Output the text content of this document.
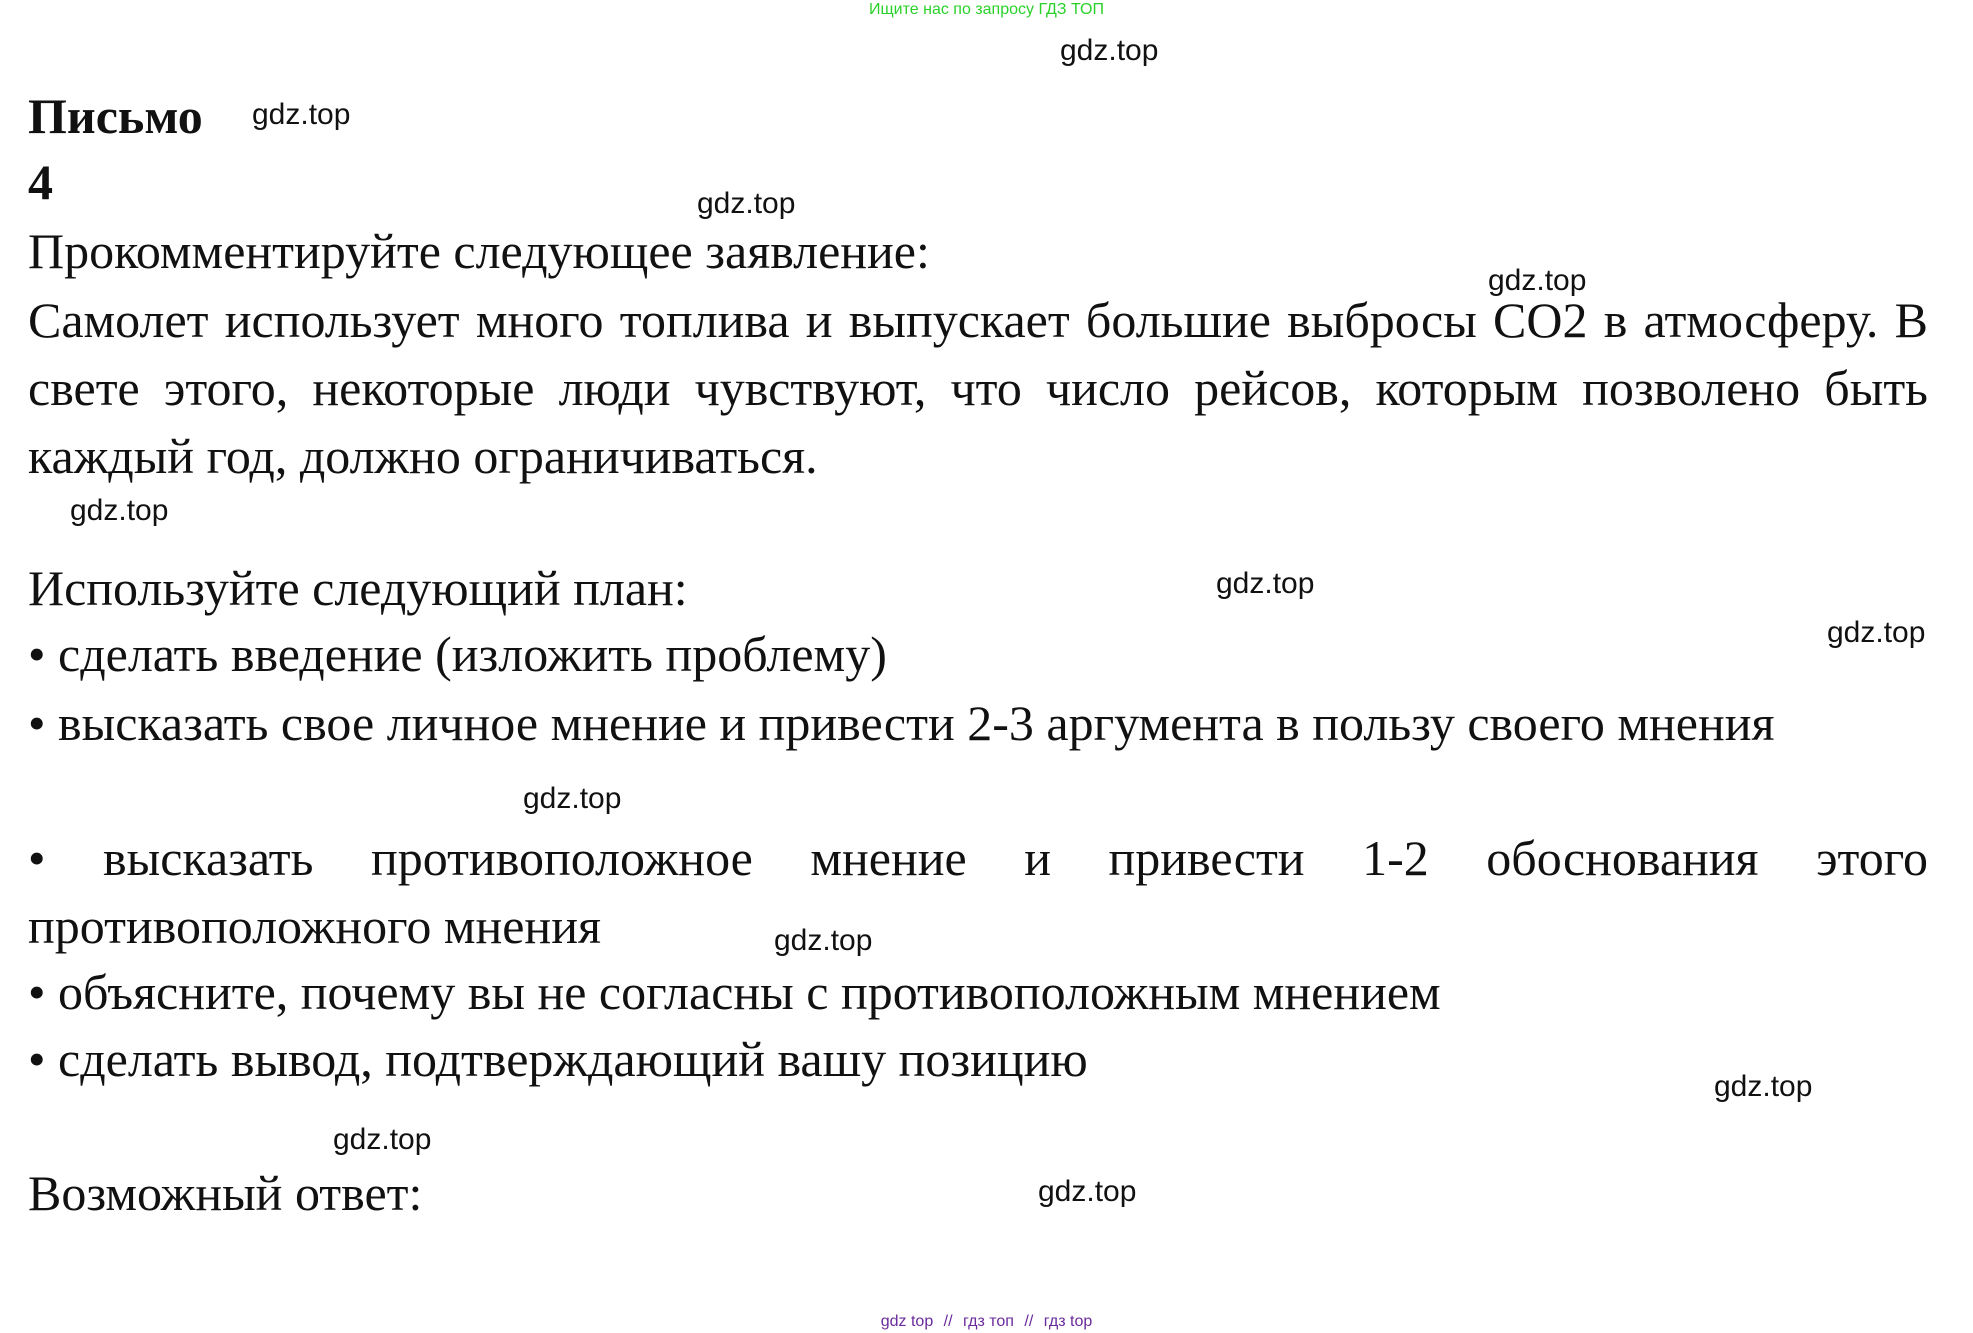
Ищите нас по запросу ГДЗ ТОП
Письмо
4
Прокомментируйте следующее заявление:
Самолет использует много топлива и выпускает большие выбросы CO2 в атмосферу. В свете этого, некоторые люди чувствуют, что число рейсов, которым позволено быть каждый год, должно ограничиваться.
Используйте следующий план:
• сделать введение (изложить проблему)
• высказать свое личное мнение и привести 2-3 аргумента в пользу своего мнения
• высказать противоположное мнение и привести 1-2 обоснования этого противоположного мнения
• объясните, почему вы не согласны с противоположным мнением
• сделать вывод, подтверждающий вашу позицию
Возможный ответ:
gdz.top
gdz.top
gdz.top
gdz.top
gdz.top
gdz.top
gdz.top
gdz.top
gdz.top
gdz.top
gdz.top
gdz.top
gdz top // гдз топ // гдз top
